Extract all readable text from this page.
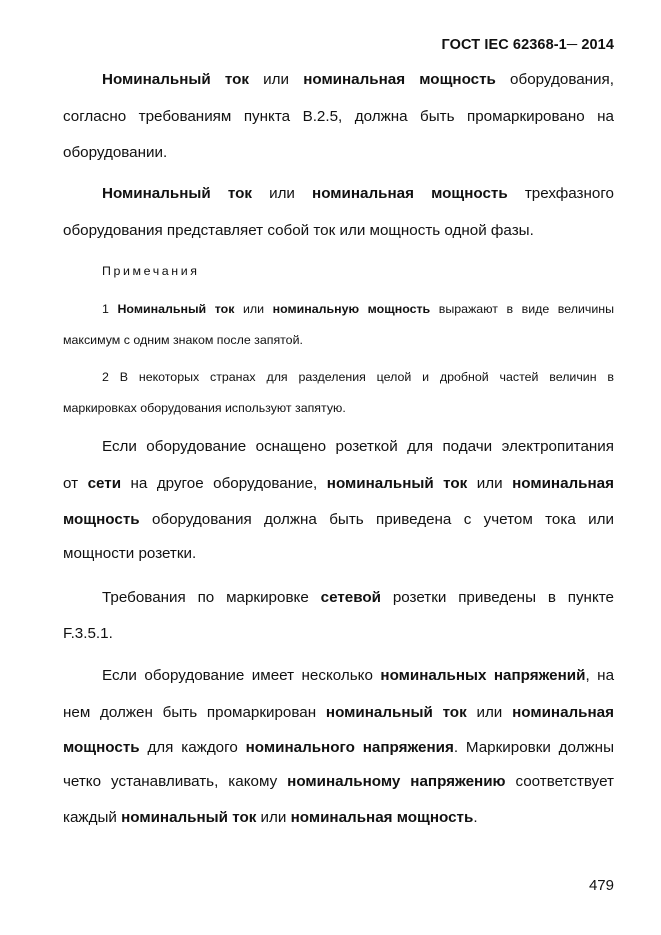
ГОСТ IEC 62368-1─ 2014

Номинальный ток или номинальная мощность оборудования,

согласно требованиям пункта В.2.5, должна быть промаркировано на

оборудовании.

Номинальный ток или номинальная мощность трехфазного

оборудования представляет собой ток или мощность одной фазы.

Примечания

1 Номинальный ток или номинальную мощность выражают в виде величины

максимум с одним знаком после запятой.

2 В некоторых странах для разделения целой и дробной частей величин в

маркировках оборудования используют запятую.

Если оборудование оснащено розеткой для подачи электропитания

от сети на другое оборудование, номинальный ток или номинальная

мощность оборудования должна быть приведена с учетом тока или

мощности розетки.

Требования по маркировке сетевой розетки приведены в пункте

F.3.5.1.

Если оборудование имеет несколько номинальных напряжений, на

нем должен быть промаркирован номинальный ток или номинальная

мощность для каждого номинального напряжения. Маркировки должны

четко устанавливать, какому номинальному напряжению соответствует

каждый номинальный ток или номинальная мощность.

479
